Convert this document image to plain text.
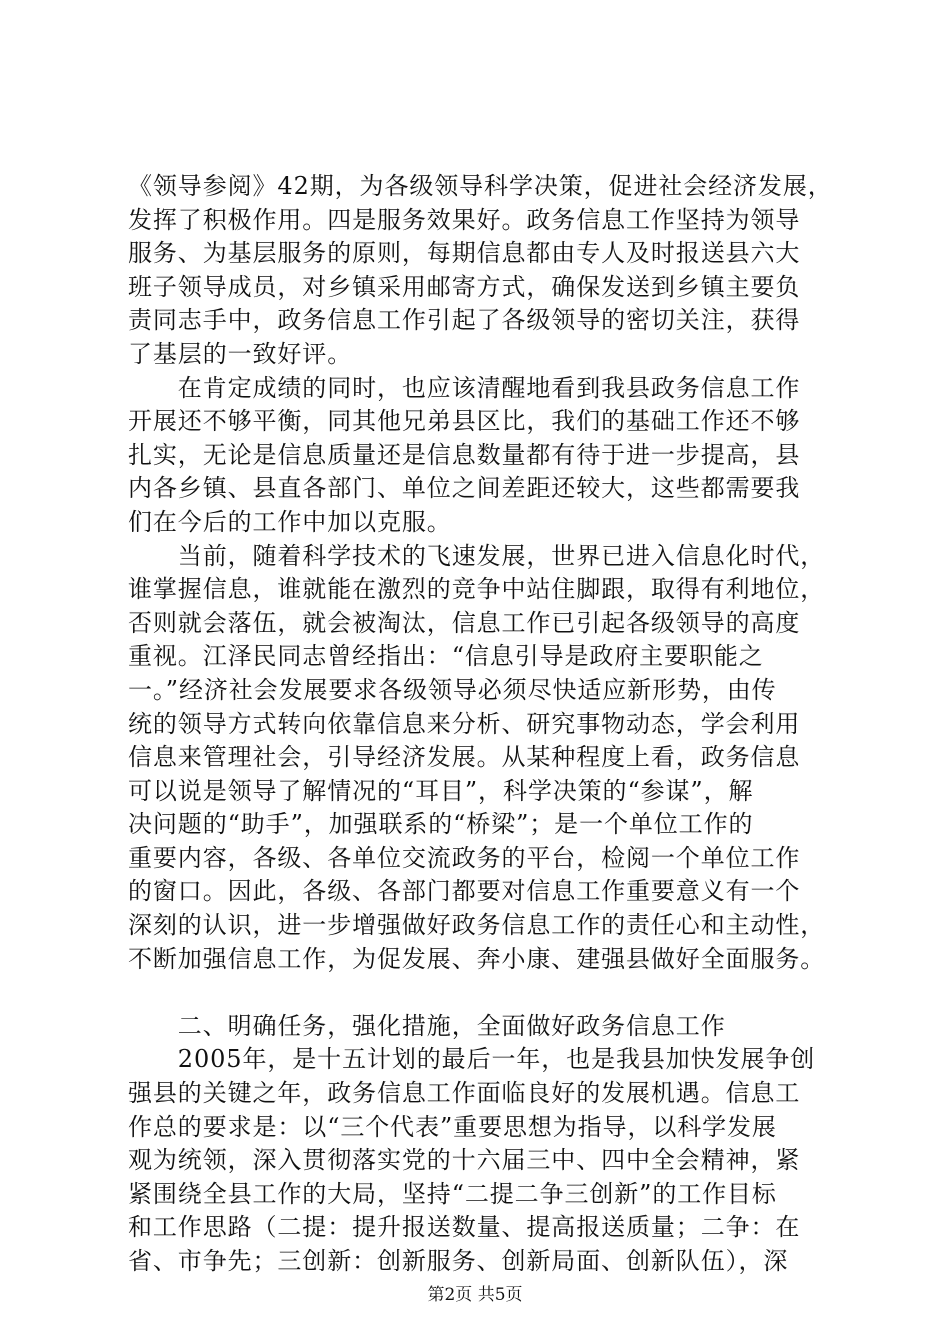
《领导参阅》42期，为各级领导科学决策，促进社会经济发展，
发挥了积极作用。四是服务效果好。政务信息工作坚持为领导
服务、为基层服务的原则，每期信息都由专人及时报送县六大
班子领导成员，对乡镇采用邮寄方式，确保发送到乡镇主要负
责同志手中，政务信息工作引起了各级领导的密切关注，获得
了基层的一致好评。
　　在肯定成绩的同时，也应该清醒地看到我县政务信息工作
开展还不够平衡，同其他兄弟县区比，我们的基础工作还不够
扎实，无论是信息质量还是信息数量都有待于进一步提高，县
内各乡镇、县直各部门、单位之间差距还较大，这些都需要我
们在今后的工作中加以克服。
　　当前，随着科学技术的飞速发展，世界已进入信息化时代，
谁掌握信息，谁就能在激烈的竞争中站住脚跟，取得有利地位，
否则就会落伍，就会被淘汰，信息工作已引起各级领导的高度
重视。江泽民同志曾经指出：“信息引导是政府主要职能之
一。”经济社会发展要求各级领导必须尽快适应新形势，由传
统的领导方式转向依靠信息来分析、研究事物动态，学会利用
信息来管理社会，引导经济发展。从某种程度上看，政务信息
可以说是领导了解情况的“耳目”，科学决策的“参谋”，解
决问题的“助手”，加强联系的“桥梁”；是一个单位工作的
重要内容，各级、各单位交流政务的平台，检阅一个单位工作
的窗口。因此，各级、各部门都要对信息工作重要意义有一个
深刻的认识，进一步增强做好政务信息工作的责任心和主动性，
不断加强信息工作，为促发展、奔小康、建强县做好全面服务。
　　二、明确任务，强化措施，全面做好政务信息工作
　　2005年，是十五计划的最后一年，也是我县加快发展争创
强县的关键之年，政务信息工作面临良好的发展机遇。信息工
作总的要求是：以“三个代表”重要思想为指导，以科学发展
观为统领，深入贯彻落实党的十六届三中、四中全会精神，紧
紧围绕全县工作的大局，坚持“二提二争三创新”的工作目标
和工作思路（二提：提升报送数量、提高报送质量；二争：在
省、市争先；三创新：创新服务、创新局面、创新队伍），深
第2页 共5页
